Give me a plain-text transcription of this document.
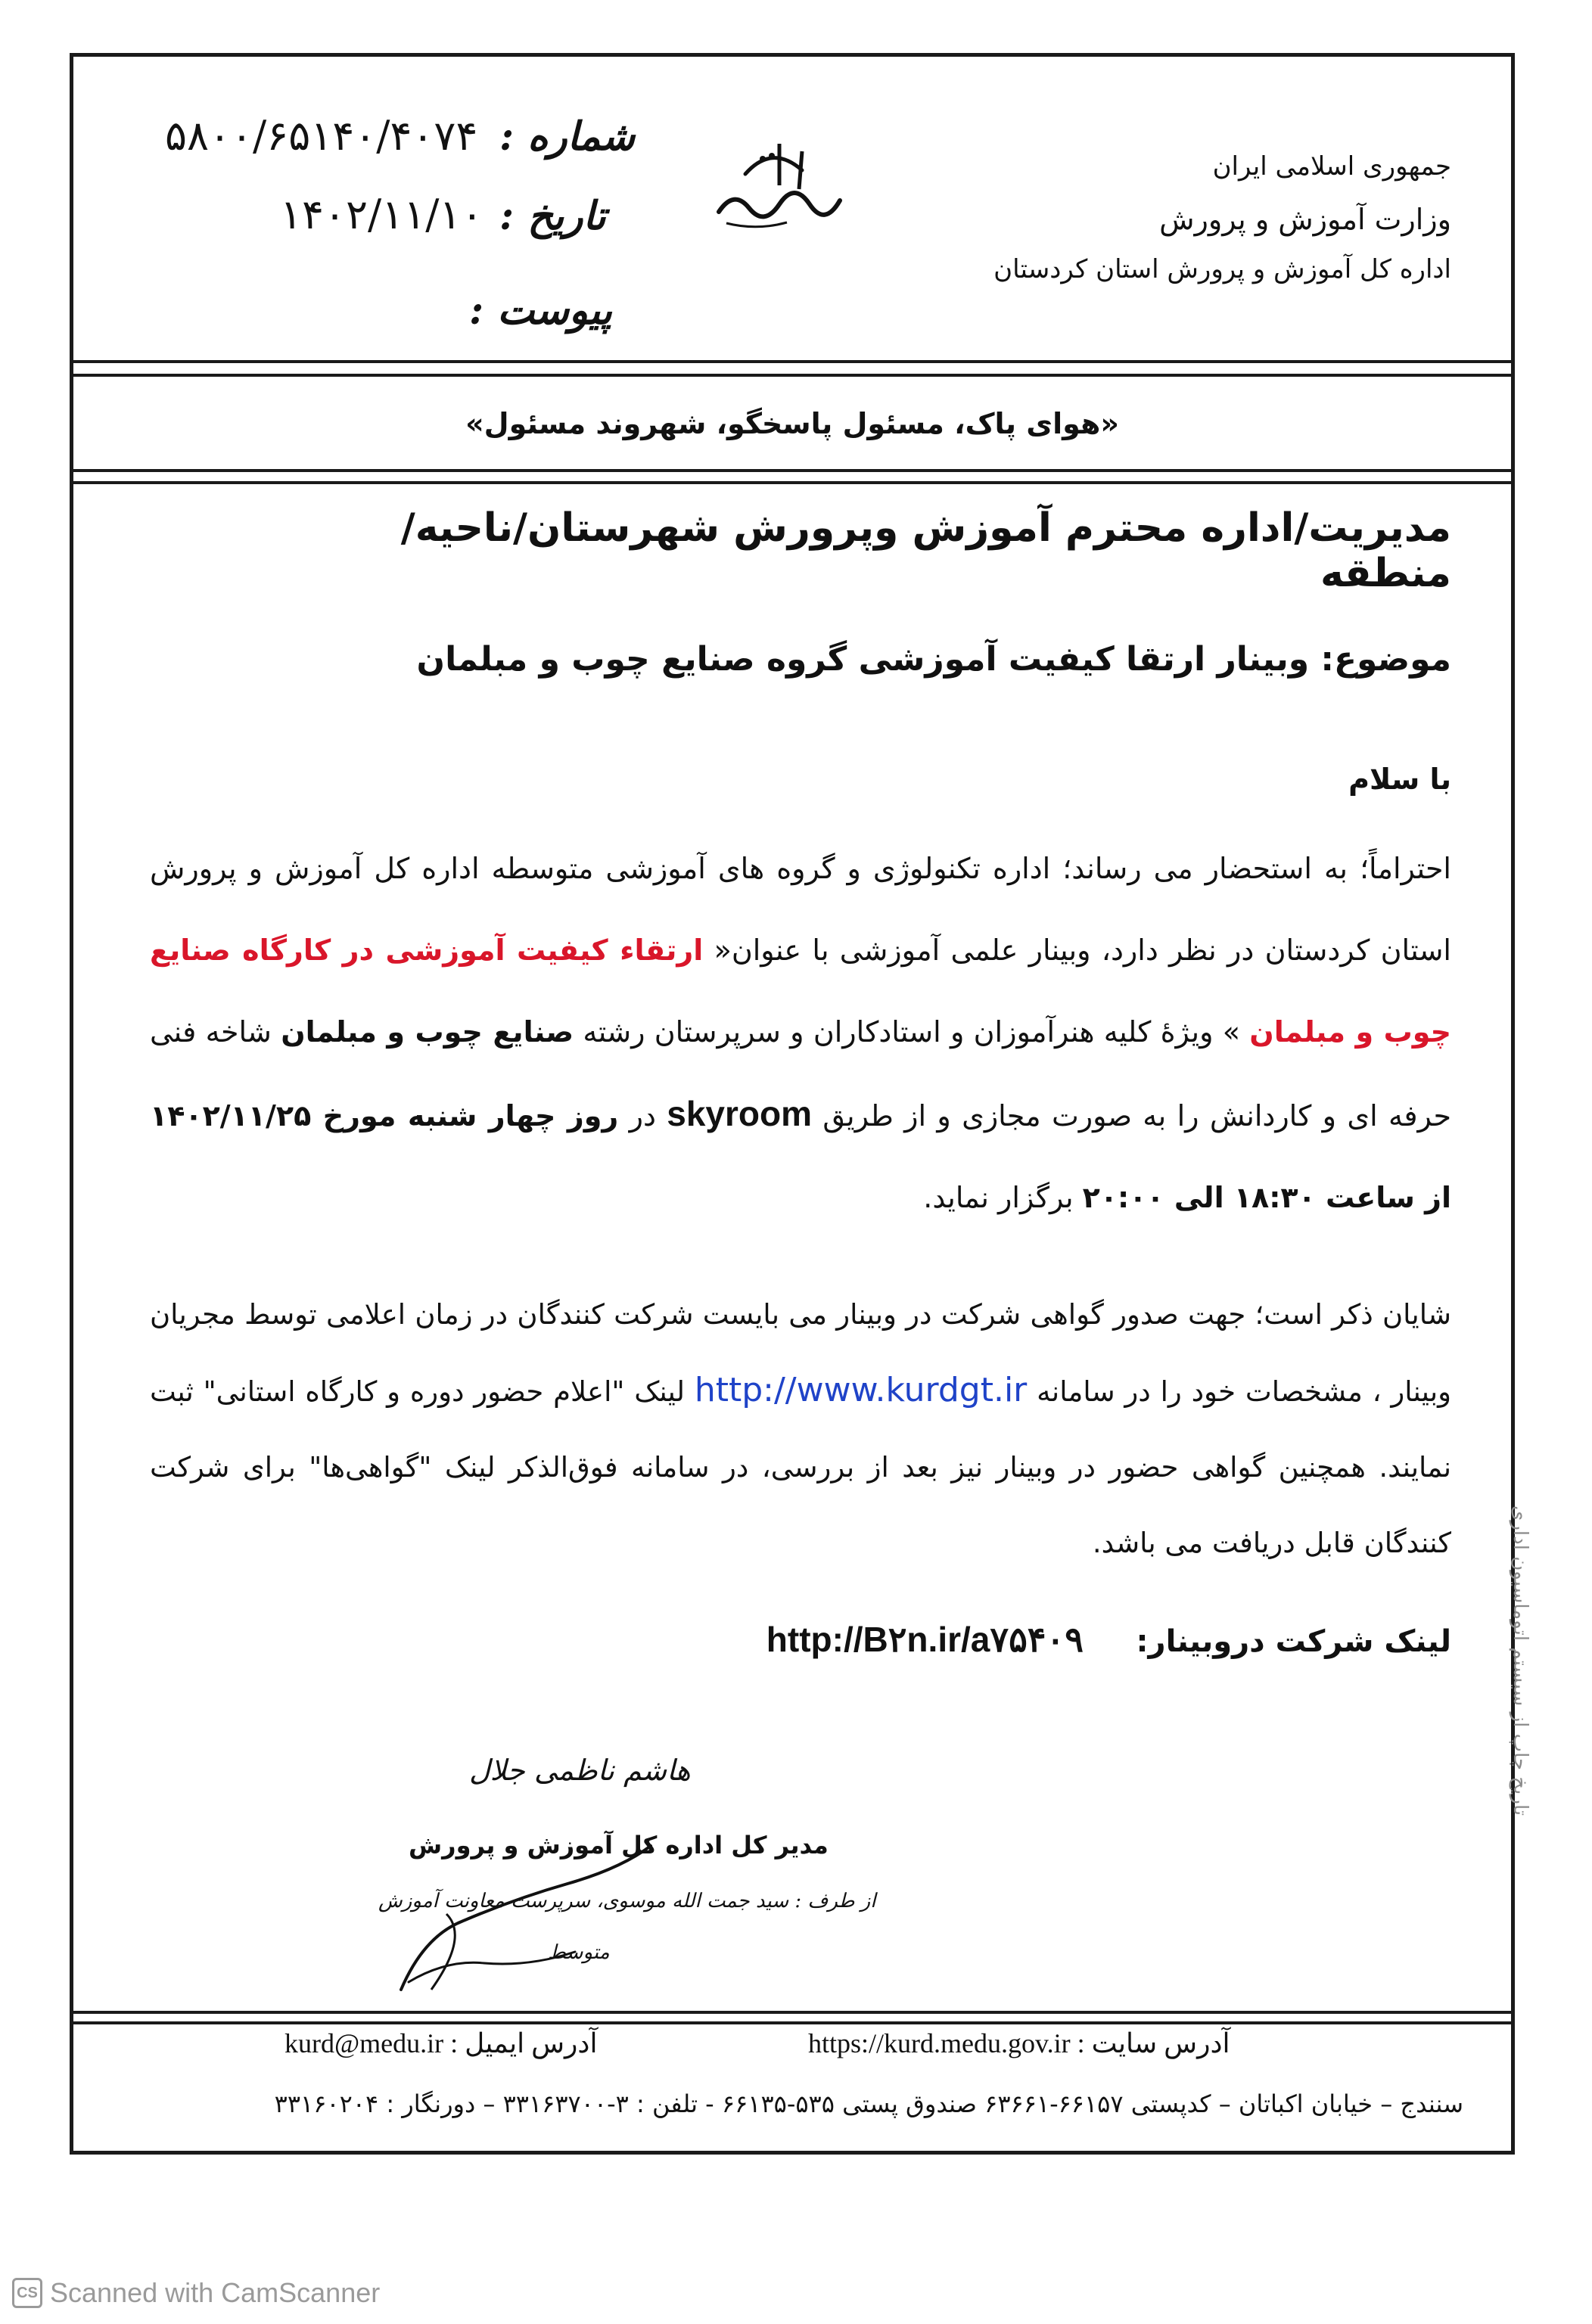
جمهوری اسلامی ایران
وزارت آموزش و پرورش
اداره کل آموزش و پرورش استان کردستان
شماره :
تاریخ :
پیوست :
۵۸۰۰/۶۵۱۴۰/۴۰۷۴
۱۴۰۲/۱۱/۱۰
«هوای پاک، مسئول پاسخگو، شهروند مسئول»
مدیریت/اداره محترم آموزش وپرورش شهرستان/ناحیه/منطقه
موضوع: وبینار ارتقا کیفیت آموزشی گروه صنایع چوب و مبلمان
با سلام
احتراماً؛ به استحضار می رساند؛ اداره تکنولوژی و گروه های آموزشی متوسطه اداره کل آموزش و پرورش استان کردستان در نظر دارد، وبینار علمی آموزشی با عنوان« ارتقاء کیفیت آموزشی در کارگاه صنایع چوب و مبلمان » ویژۀ کلیه هنرآموزان و استادکاران و سرپرستان رشته صنایع چوب و مبلمان شاخه فنی حرفه ای و کاردانش را به صورت مجازی و از طریق skyroom در روز چهار شنبه مورخ ۱۴۰۲/۱۱/۲۵ از ساعت ۱۸:۳۰ الی ۲۰:۰۰ برگزار نماید.
شایان ذکر است؛ جهت صدور گواهی شرکت در وبینار می بایست شرکت کنندگان در زمان اعلامی توسط مجریان وبینار ، مشخصات خود را در سامانه http://www.kurdgt.ir لینک "اعلام حضور دوره و کارگاه استانی" ثبت نمایند. همچنین گواهی حضور در وبینار نیز بعد از بررسی، در سامانه فوق‌الذکر لینک "گواهی‌ها" برای شرکت کنندگان قابل دریافت می باشد.
لینک شرکت دروبینار:     http://B۲n.ir/a۷۵۴۰۹
هاشم ناظمی جلال
مدیر کل اداره کل آموزش و پرورش
از طرف : سید جمت الله موسوی، سرپرست معاونت آموزش
متوسط
آدرس سایت : https://kurd.medu.gov.ir
آدرس ایمیل : kurd@medu.ir
سنندج – خیابان اکباتان – کدپستی ۶۶۱۵۷-۶۳۶۶۱ صندوق پستی ۵۳۵-۶۶۱۳۵ - تلفن : ۳-۳۳۱۶۳۷۰۰ – دورنگار : ۳۳۱۶۰۲۰۴
تاریخ چاپ از سیستم اتوماسیون اداری
CS Scanned with CamScanner
